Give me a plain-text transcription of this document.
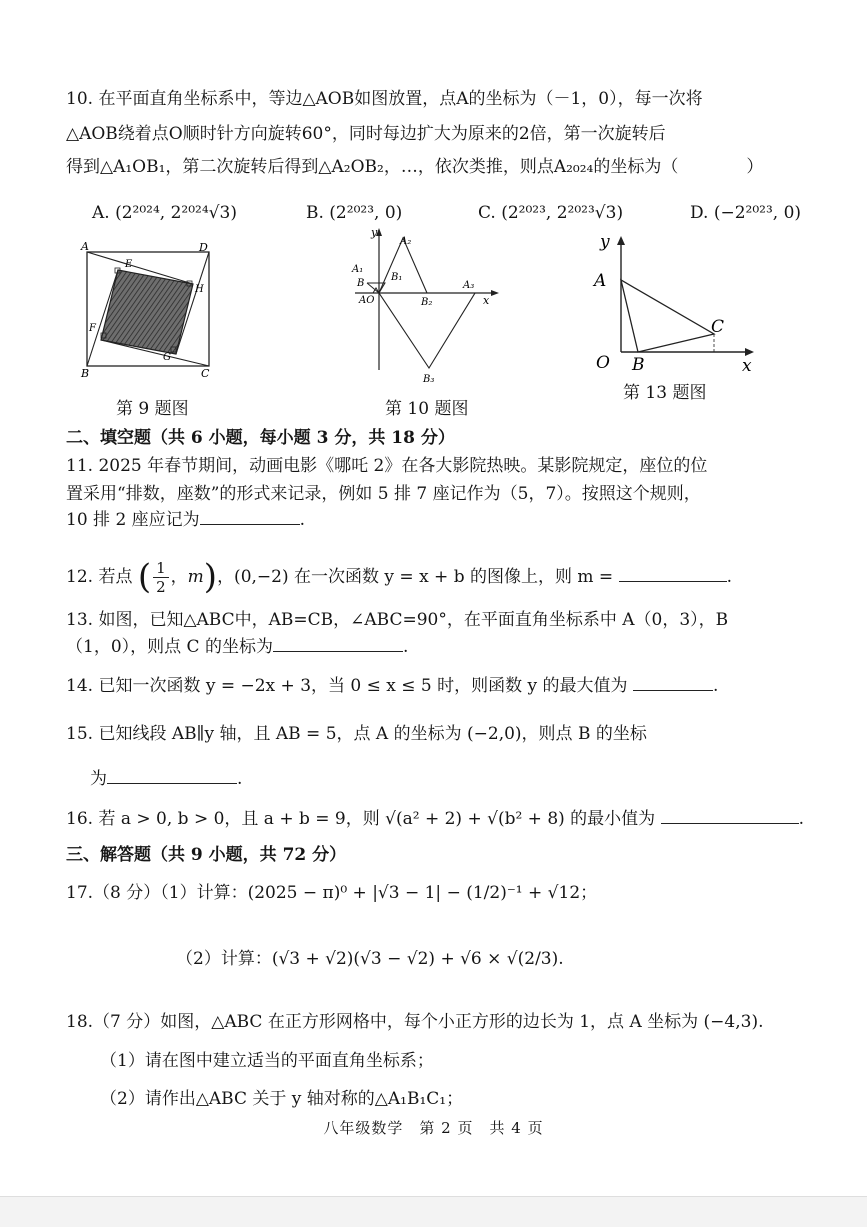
10. 在平面直角坐标系中，等边△AOB如图放置，点A的坐标为（－1，0），每一次将
△AOB绕着点O顺时针方向旋转60°，同时每边扩大为原来的2倍，第一次旋转后
得到△A₁OB₁，第二次旋转后得到△A₂OB₂，…，依次类推，则点A₂₀₂₄的坐标为（　　　　）
A. (2²⁰²⁴, 2²⁰²⁴√3)	B. (2²⁰²³, 0)	C. (2²⁰²³, 2²⁰²³√3)	D. (−2²⁰²³, 0)
A	D
E
H
F
G
B	C
第 9 题图
y
x
A₂
A₁
B₁
B
AO	B₂
A₃
B₃
第 10 题图
y
x
A
O B
C
第 13 题图
二、填空题（共 6 小题，每小题 3 分，共 18 分）
11. 2025 年春节期间，动画电影《哪吒 2》在各大影院热映。某影院规定，座位的位
置采用“排数，座数”的形式来记录，例如 5 排 7 座记作为（5，7）。按照这个规则，
10 排 2 座应记为	.
12. 若点 ( $\frac{1}{2}$ ，m)，(0,−2) 在一次函数 y = x + b 的图像上，则 m =	.
13. 如图，已知△ABC中，AB=CB，∠ABC=90°，在平面直角坐标系中 A（0，3），B
（1，0），则点 C 的坐标为	.
14. 已知一次函数 y = −2x + 3，当 0 ≤ x ≤ 5 时，则函数 y 的最大值为	.
15. 已知线段 AB∥y 轴，且 AB = 5，点 A 的坐标为 (−2,0)，则点 B 的坐标
为	.
16. 若 a > 0, b > 0，且 a + b = 9，则 √(a² + 2) + √(b² + 8) 的最小值为	.
三、解答题（共 9 小题，共 72 分）
17.（8 分）（1）计算：(2025 − π)⁰ + |√3 − 1| − (1/2)⁻¹ + √12；
（2）计算：(√3 + √2)(√3 − √2) + √6 × √(2/3).
18.（7 分）如图，△ABC 在正方形网格中，每个小正方形的边长为 1，点 A 坐标为 (−4,3).
（1）请在图中建立适当的平面直角坐标系；
（2）请作出△ABC 关于 y 轴对称的△A₁B₁C₁；
八年级数学　第 2 页　共 4 页
